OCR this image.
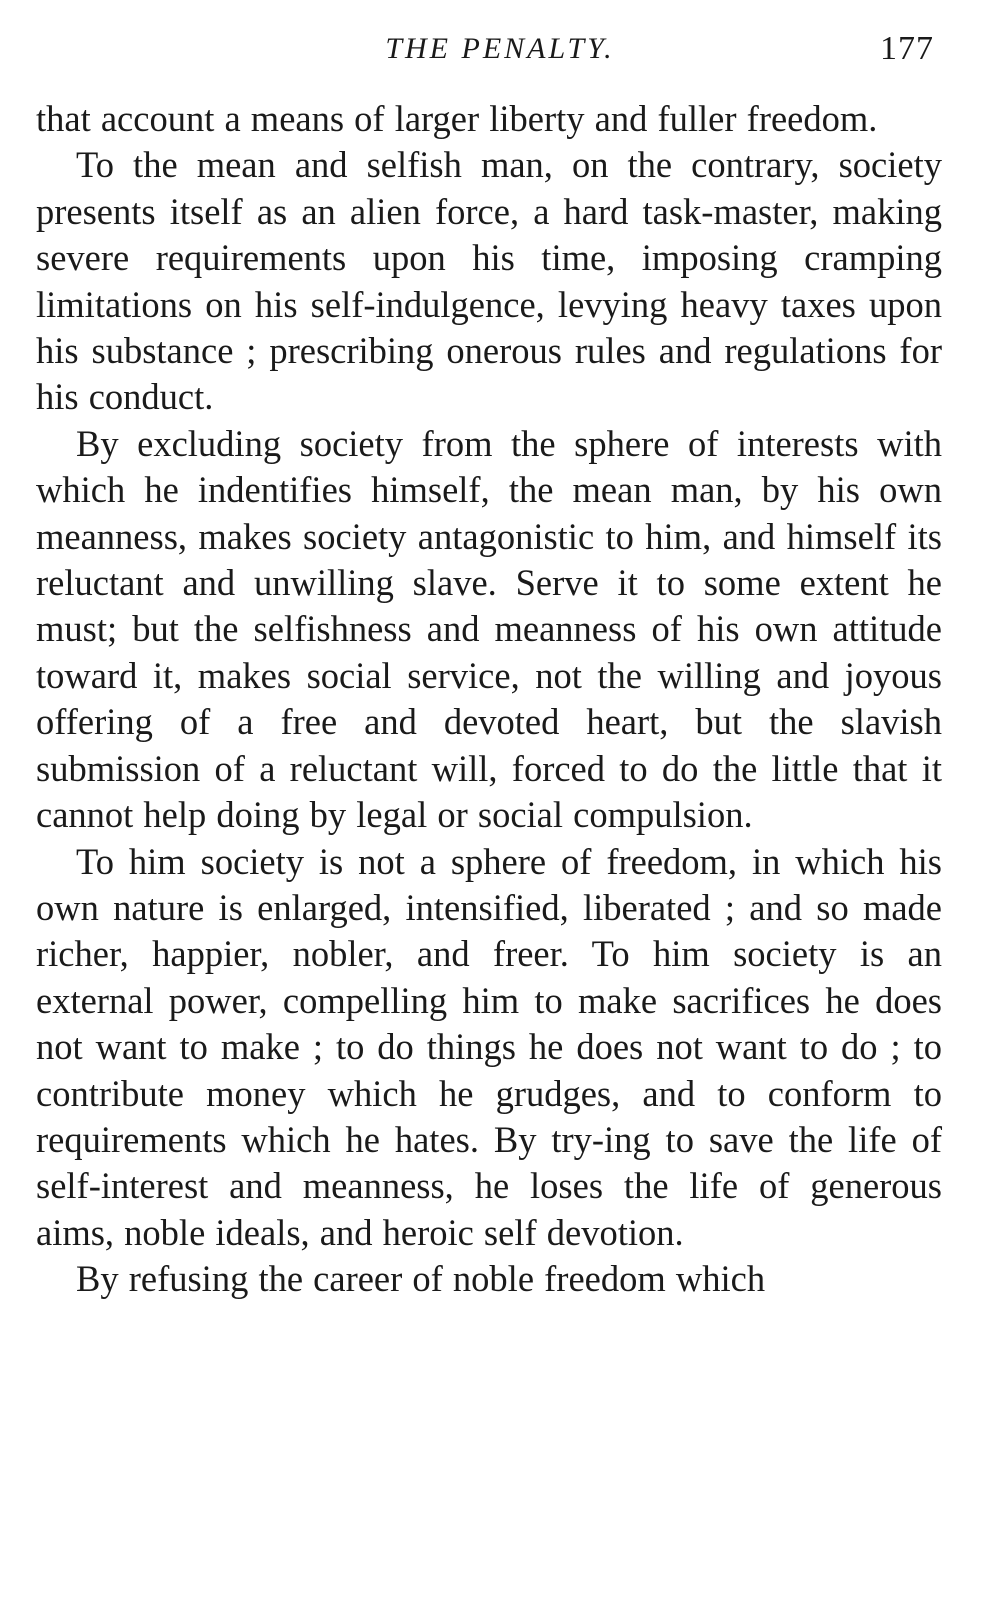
THE PENALTY.	177

that account a means of larger liberty and fuller freedom.

To the mean and selfish man, on the contrary, society presents itself as an alien force, a hard task-master, making severe requirements upon his time, imposing cramping limitations on his self-indulgence, levying heavy taxes upon his substance ; prescribing onerous rules and regulations for his conduct.

By excluding society from the sphere of interests with which he indentifies himself, the mean man, by his own meanness, makes society antagonistic to him, and himself its reluctant and unwilling slave. Serve it to some extent he must; but the selfishness and meanness of his own attitude toward it, makes social service, not the willing and joyous offering of a free and devoted heart, but the slavish submission of a reluctant will, forced to do the little that it cannot help doing by legal or social compulsion.

To him society is not a sphere of freedom, in which his own nature is enlarged, intensified, liberated ; and so made richer, happier, nobler, and freer. To him society is an external power, compelling him to make sacrifices he does not want to make ; to do things he does not want to do ; to contribute money which he grudges, and to conform to requirements which he hates. By try-ing to save the life of self-interest and meanness, he loses the life of generous aims, noble ideals, and heroic self devotion.

By refusing the career of noble freedom which
